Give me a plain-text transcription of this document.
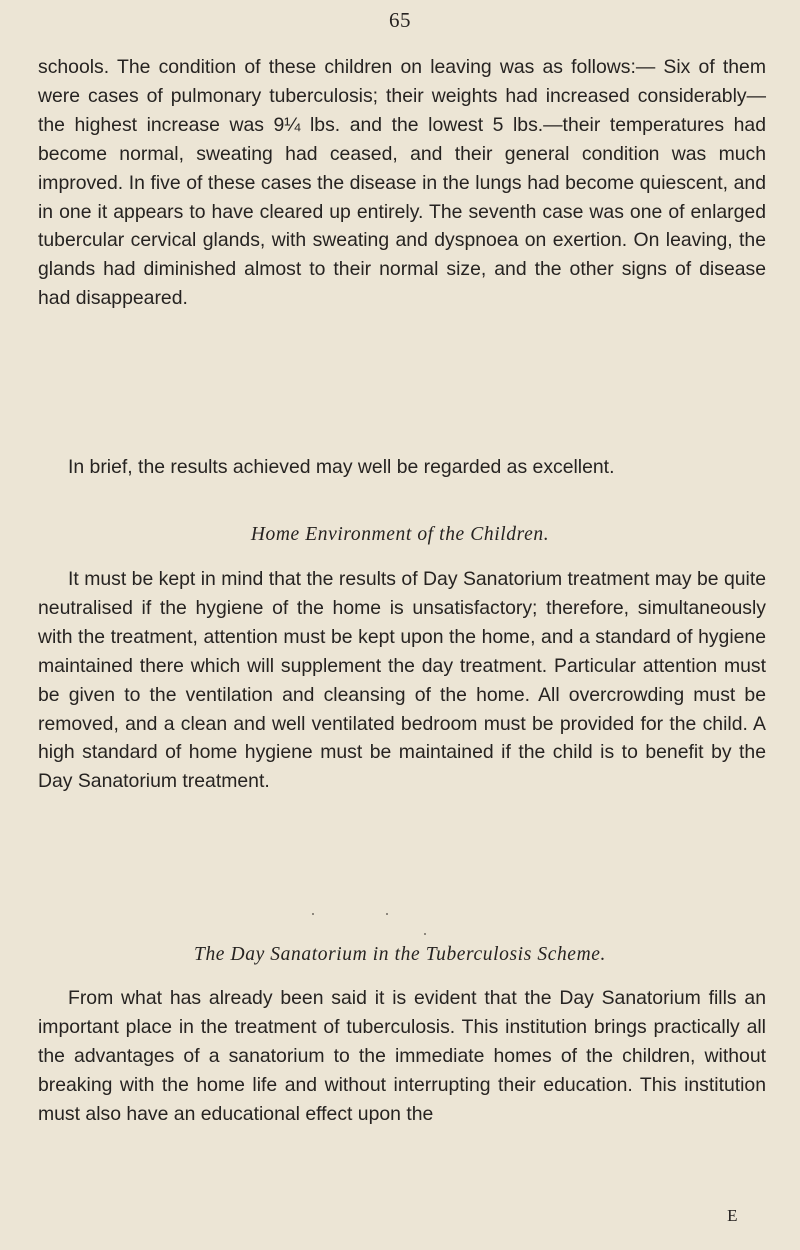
65

schools. The condition of these children on leaving was as follows:— Six of them were cases of pulmonary tuberculosis; their weights had increased considerably—the highest increase was 9¼ lbs. and the lowest 5 lbs.—their temperatures had become normal, sweating had ceased, and their general condition was much improved. In five of these cases the disease in the lungs had become quiescent, and in one it appears to have cleared up entirely. The seventh case was one of enlarged tubercular cervical glands, with sweating and dyspnoea on exertion. On leaving, the glands had diminished almost to their normal size, and the other signs of disease had disappeared.

In brief, the results achieved may well be regarded as excellent.

Home Environment of the Children.

It must be kept in mind that the results of Day Sanatorium treatment may be quite neutralised if the hygiene of the home is unsatisfactory; therefore, simultaneously with the treatment, attention must be kept upon the home, and a standard of hygiene maintained there which will supplement the day treatment. Particular attention must be given to the ventilation and cleansing of the home. All overcrowding must be removed, and a clean and well ventilated bedroom must be provided for the child. A high standard of home hygiene must be maintained if the child is to benefit by the Day Sanatorium treatment.

The Day Sanatorium in the Tuberculosis Scheme.

From what has already been said it is evident that the Day Sanatorium fills an important place in the treatment of tuberculosis. This institution brings practically all the advantages of a sanatorium to the immediate homes of the children, without breaking with the home life and without interrupting their education. This institution must also have an educational effect upon the

E
